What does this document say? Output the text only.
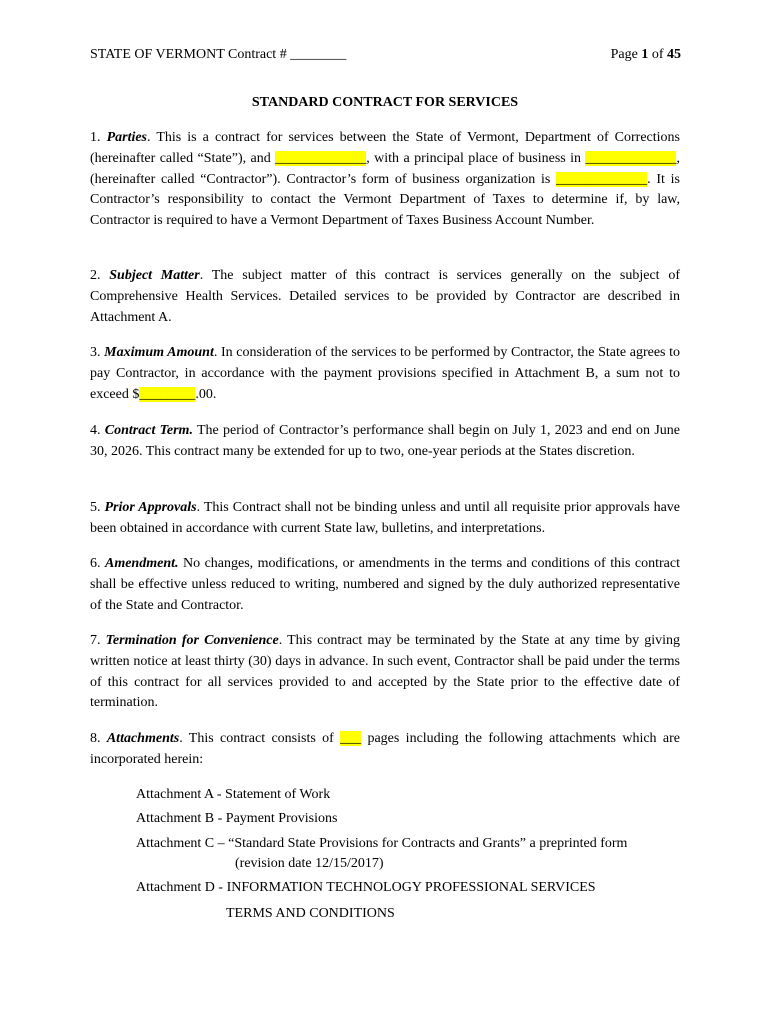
STATE OF VERMONT Contract # ________	Page 1 of 45
STANDARD CONTRACT FOR SERVICES
1. Parties. This is a contract for services between the State of Vermont, Department of Corrections (hereinafter called “State”), and _____________, with a principal place of business in _____________, (hereinafter called “Contractor”). Contractor’s form of business organization is _____________. It is Contractor’s responsibility to contact the Vermont Department of Taxes to determine if, by law, Contractor is required to have a Vermont Department of Taxes Business Account Number.
2. Subject Matter. The subject matter of this contract is services generally on the subject of Comprehensive Health Services. Detailed services to be provided by Contractor are described in Attachment A.
3. Maximum Amount. In consideration of the services to be performed by Contractor, the State agrees to pay Contractor, in accordance with the payment provisions specified in Attachment B, a sum not to exceed $________.00.
4. Contract Term. The period of Contractor’s performance shall begin on July 1, 2023 and end on June 30, 2026. This contract many be extended for up to two, one-year periods at the States discretion.
5. Prior Approvals. This Contract shall not be binding unless and until all requisite prior approvals have been obtained in accordance with current State law, bulletins, and interpretations.
6. Amendment. No changes, modifications, or amendments in the terms and conditions of this contract shall be effective unless reduced to writing, numbered and signed by the duly authorized representative of the State and Contractor.
7. Termination for Convenience. This contract may be terminated by the State at any time by giving written notice at least thirty (30) days in advance. In such event, Contractor shall be paid under the terms of this contract for all services provided to and accepted by the State prior to the effective date of termination.
8. Attachments. This contract consists of ___ pages including the following attachments which are incorporated herein:
Attachment A - Statement of Work
Attachment B - Payment Provisions
Attachment C – “Standard State Provisions for Contracts and Grants” a preprinted form
(revision date 12/15/2017)
Attachment D - INFORMATION TECHNOLOGY PROFESSIONAL SERVICES
TERMS AND CONDITIONS
